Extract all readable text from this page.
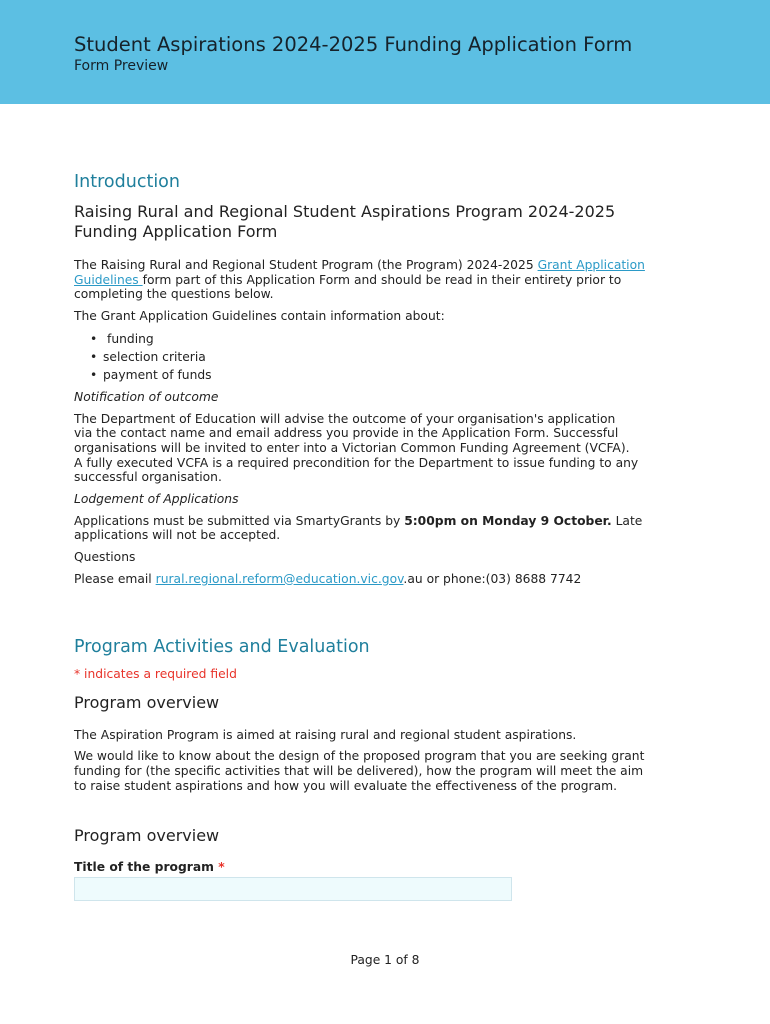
Student Aspirations 2024-2025 Funding Application Form
Form Preview
Introduction
Raising Rural and Regional Student Aspirations Program 2024-2025
Funding Application Form

The Raising Rural and Regional Student Program (the Program) 2024-2025 Grant Application
Guidelines form part of this Application Form and should be read in their entirety prior to
completing the questions below.

The Grant Application Guidelines contain information about:

• funding
• selection criteria
• payment of funds

Notification of outcome

The Department of Education will advise the outcome of your organisation's application
via the contact name and email address you provide in the Application Form. Successful
organisations will be invited to enter into a Victorian Common Funding Agreement (VCFA).
A fully executed VCFA is a required precondition for the Department to issue funding to any
successful organisation.

Lodgement of Applications

Applications must be submitted via SmartyGrants by 5:00pm on Monday 9 October. Late
applications will not be accepted.

Questions

Please email rural.regional.reform@education.vic.gov.au or phone:(03) 8688 7742

Program Activities and Evaluation

* indicates a required field

Program overview

The Aspiration Program is aimed at raising rural and regional student aspirations.

We would like to know about the design of the proposed program that you are seeking grant
funding for (the specific activities that will be delivered), how the program will meet the aim
to raise student aspirations and how you will evaluate the effectiveness of the program.

Program overview

Title of the program *

Page 1 of 8
